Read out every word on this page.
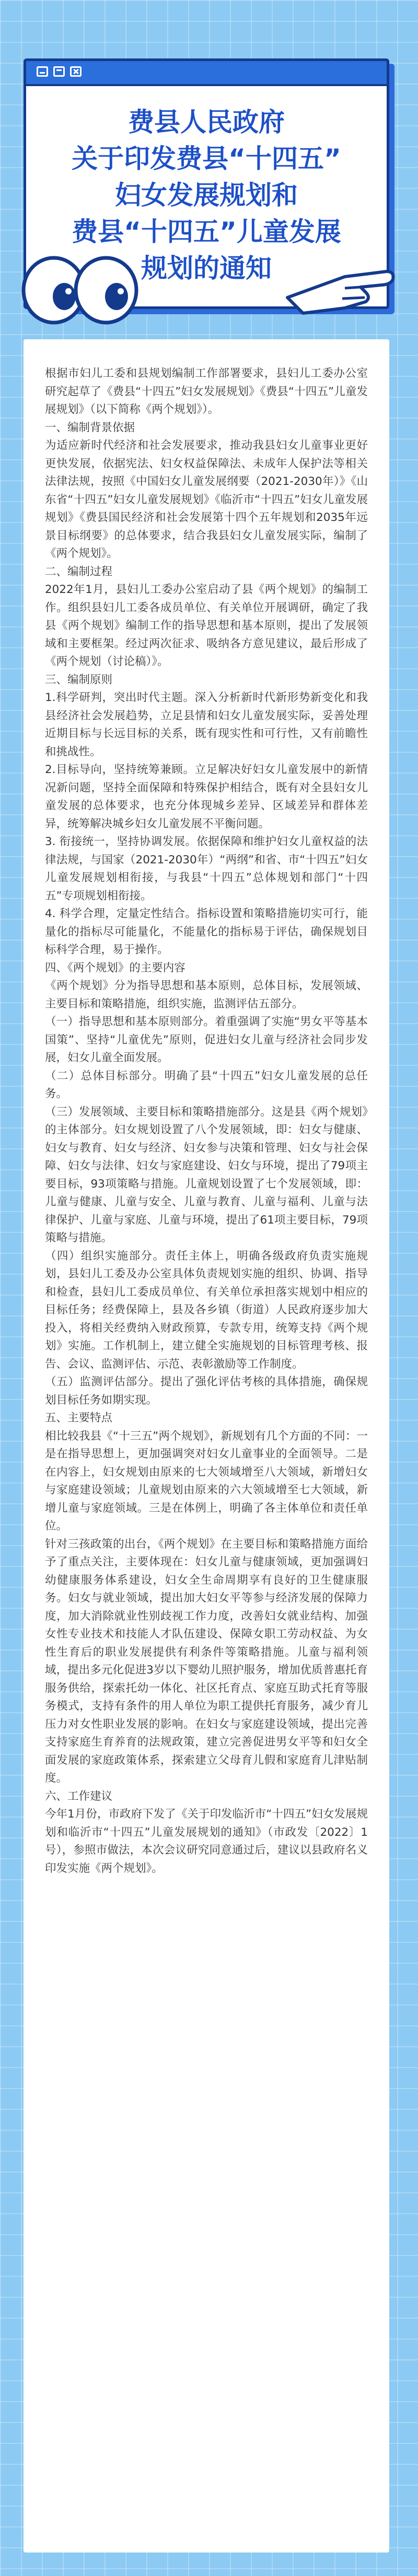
费县人民政府

关于印发费县“十四五”

妇女发展规划和

费县“十四五”儿童发展

规划的通知

根据市妇儿工委和县规划编制工作部署要求，县妇儿工委办公室研究起草了《费县“十四五”妇女发展规划》《费县“十四五”儿童发展规划》（以下简称《两个规划》）。

一、编制背景依据

为适应新时代经济和社会发展要求，推动我县妇女儿童事业更好更快发展，依据宪法、妇女权益保障法、未成年人保护法等相关法律法规，按照《中国妇女儿童发展纲要（2021-2030年）》《山东省“十四五”妇女儿童发展规划》《临沂市“十四五”妇女儿童发展规划》《费县国民经济和社会发展第十四个五年规划和2035年远景目标纲要》的总体要求，结合我县妇女儿童发展实际，编制了《两个规划》。

二、编制过程

2022年1月，县妇儿工委办公室启动了县《两个规划》的编制工作。组织县妇儿工委各成员单位、有关单位开展调研，确定了我县《两个规划》编制工作的指导思想和基本原则，提出了发展领域和主要框架。经过两次征求、吸纳各方意见建议，最后形成了《两个规划（讨论稿）》。

三、编制原则

1.科学研判，突出时代主题。深入分析新时代新形势新变化和我县经济社会发展趋势，立足县情和妇女儿童发展实际，妥善处理近期目标与长远目标的关系，既有现实性和可行性，又有前瞻性和挑战性。

2.目标导向，坚持统筹兼顾。立足解决好妇女儿童发展中的新情况新问题，坚持全面保障和特殊保护相结合，既有对全县妇女儿童发展的总体要求，也充分体现城乡差异、区域差异和群体差异，统筹解决城乡妇女儿童发展不平衡问题。

3. 衔接统一，坚持协调发展。依据保障和维护妇女儿童权益的法律法规，与国家（2021-2030年）“两纲”和省、市“十四五”妇女儿童发展规划相衔接，与我县“十四五”总体规划和部门“十四五”专项规划相衔接。

4. 科学合理，定量定性结合。指标设置和策略措施切实可行，能量化的指标尽可能量化，不能量化的指标易于评估，确保规划目标科学合理，易于操作。

四、《两个规划》的主要内容

《两个规划》分为指导思想和基本原则，总体目标，发展领域、主要目标和策略措施，组织实施，监测评估五部分。

（一）指导思想和基本原则部分。着重强调了实施“男女平等基本国策”、坚持“儿童优先”原则，促进妇女儿童与经济社会同步发展，妇女儿童全面发展。

（二）总体目标部分。明确了县“十四五”妇女儿童发展的总任务。

（三）发展领域、主要目标和策略措施部分。这是县《两个规划》的主体部分。妇女规划设置了八个发展领域，即：妇女与健康、妇女与教育、妇女与经济、妇女参与决策和管理、妇女与社会保障、妇女与法律、妇女与家庭建设、妇女与环境，提出了79项主要目标，93项策略与措施。儿童规划设置了七个发展领域，即：儿童与健康、儿童与安全、儿童与教育、儿童与福利、儿童与法律保护、儿童与家庭、儿童与环境，提出了61项主要目标，79项策略与措施。

（四）组织实施部分。责任主体上，明确各级政府负责实施规划，县妇儿工委及办公室具体负责规划实施的组织、协调、指导和检查，县妇儿工委成员单位、有关单位承担落实规划中相应的目标任务；经费保障上，县及各乡镇（街道）人民政府逐步加大投入，将相关经费纳入财政预算，专款专用，统筹支持《两个规划》实施。工作机制上，建立健全实施规划的目标管理考核、报告、会议、监测评估、示范、表彰激励等工作制度。

（五）监测评估部分。提出了强化评估考核的具体措施，确保规划目标任务如期实现。

五、主要特点

相比较我县《“十三五”两个规划》，新规划有几个方面的不同：一是在指导思想上，更加强调突对妇女儿童事业的全面领导。二是在内容上，妇女规划由原来的七大领域增至八大领域，新增妇女与家庭建设领域；儿童规划由原来的六大领域增至七大领域，新增儿童与家庭领域。三是在体例上，明确了各主体单位和责任单位。

针对三孩政策的出台，《两个规划》在主要目标和策略措施方面给予了重点关注，主要体现在：妇女儿童与健康领域，更加强调妇幼健康服务体系建设，妇女全生命周期享有良好的卫生健康服务。妇女与就业领域，提出加大妇女平等参与经济发展的保障力度，加大消除就业性别歧视工作力度，改善妇女就业结构、加强女性专业技术和技能人才队伍建设、保障女职工劳动权益、为女性生育后的职业发展提供有利条件等策略措施。儿童与福利领域，提出多元化促进3岁以下婴幼儿照护服务，增加优质普惠托育服务供给，探索托幼一体化、社区托育点、家庭互助式托育等服务模式，支持有条件的用人单位为职工提供托育服务，减少育儿压力对女性职业发展的影响。在妇女与家庭建设领域，提出完善支持家庭生育养育的法规政策，建立完善促进男女平等和妇女全面发展的家庭政策体系，探索建立父母育儿假和家庭育儿津贴制度。

六、工作建议

今年1月份，市政府下发了《关于印发临沂市“十四五”妇女发展规划和临沂市“十四五”儿童发展规划的通知》（市政发〔2022〕1号），参照市做法，本次会议研究同意通过后，建议以县政府名义印发实施《两个规划》。
